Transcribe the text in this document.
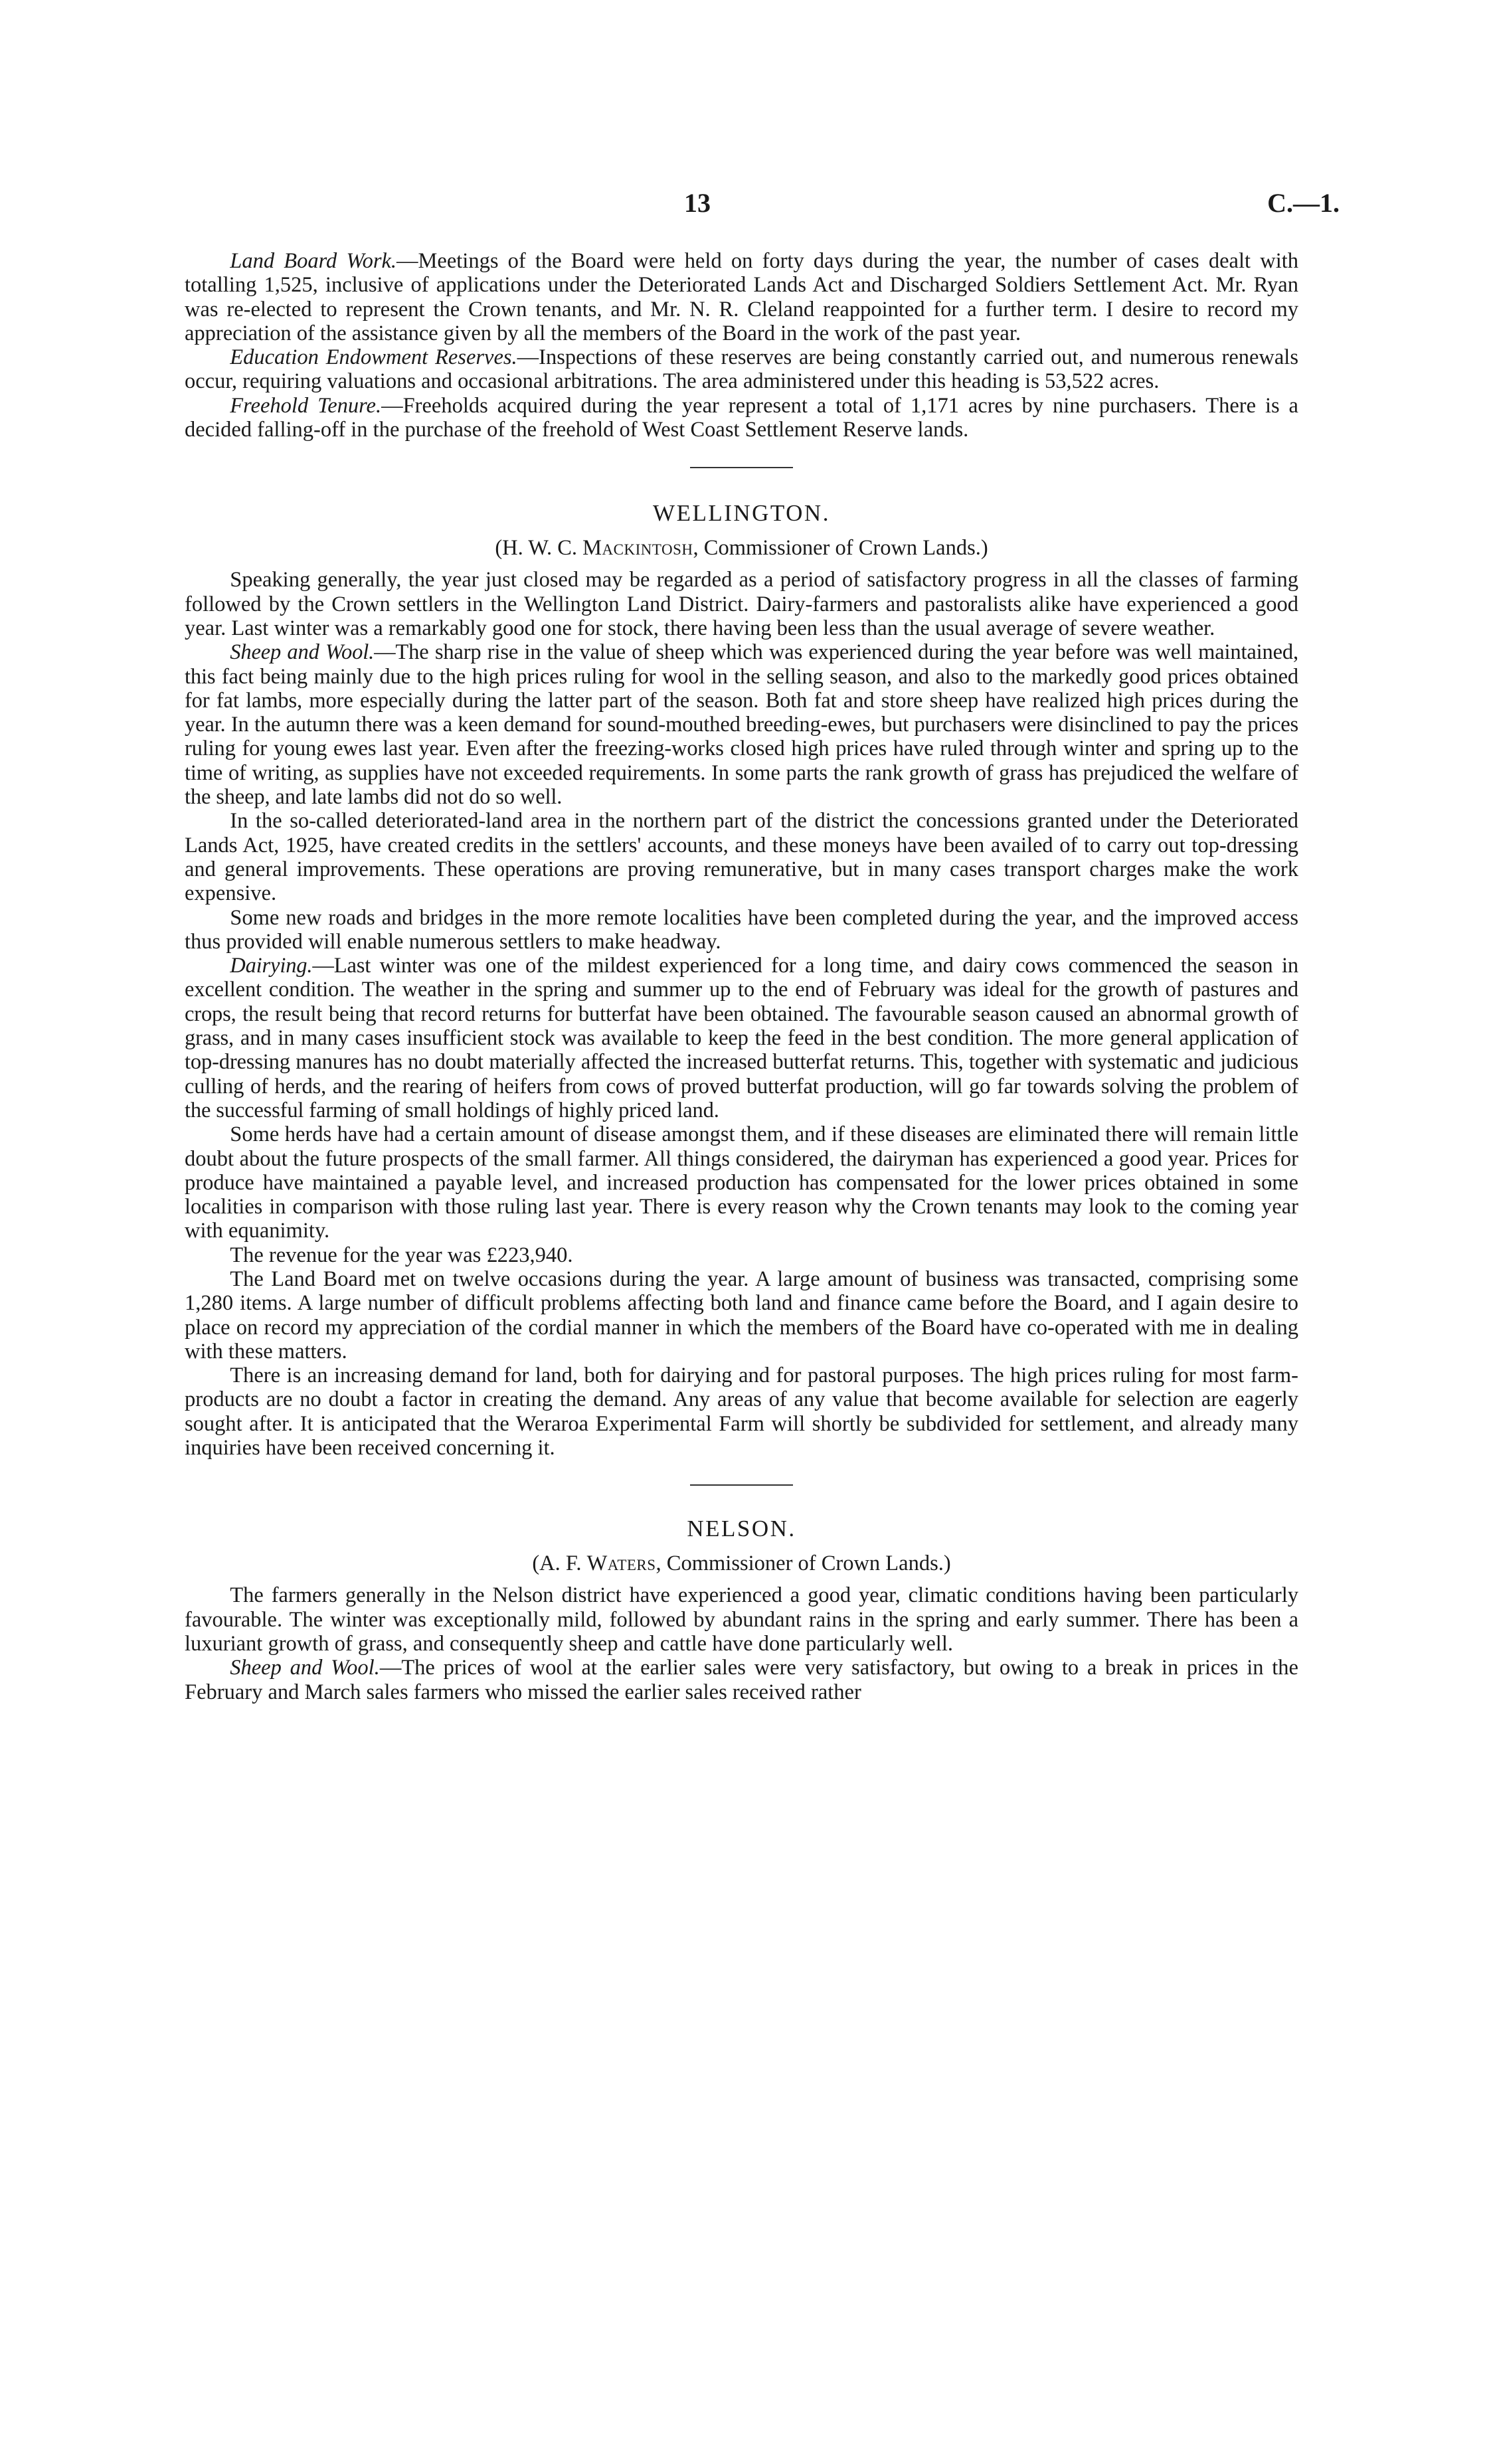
13	C.—1.

Land Board Work.—Meetings of the Board were held on forty days during the year, the number of cases dealt with totalling 1,525, inclusive of applications under the Deteriorated Lands Act and Discharged Soldiers Settlement Act. Mr. Ryan was re-elected to represent the Crown tenants, and Mr. N. R. Cleland reappointed for a further term. I desire to record my appreciation of the assistance given by all the members of the Board in the work of the past year.

Education Endowment Reserves.—Inspections of these reserves are being constantly carried out, and numerous renewals occur, requiring valuations and occasional arbitrations. The area administered under this heading is 53,522 acres.

Freehold Tenure.—Freeholds acquired during the year represent a total of 1,171 acres by nine purchasers. There is a decided falling-off in the purchase of the freehold of West Coast Settlement Reserve lands.

WELLINGTON.
(H. W. C. Mackintosh, Commissioner of Crown Lands.)

Speaking generally, the year just closed may be regarded as a period of satisfactory progress in all the classes of farming followed by the Crown settlers in the Wellington Land District. Dairy-farmers and pastoralists alike have experienced a good year. Last winter was a remarkably good one for stock, there having been less than the usual average of severe weather.

Sheep and Wool.—The sharp rise in the value of sheep which was experienced during the year before was well maintained, this fact being mainly due to the high prices ruling for wool in the selling season, and also to the markedly good prices obtained for fat lambs, more especially during the latter part of the season. Both fat and store sheep have realized high prices during the year. In the autumn there was a keen demand for sound-mouthed breeding-ewes, but purchasers were disinclined to pay the prices ruling for young ewes last year. Even after the freezing-works closed high prices have ruled through winter and spring up to the time of writing, as supplies have not exceeded requirements. In some parts the rank growth of grass has prejudiced the welfare of the sheep, and late lambs did not do so well.

In the so-called deteriorated-land area in the northern part of the district the concessions granted under the Deteriorated Lands Act, 1925, have created credits in the settlers' accounts, and these moneys have been availed of to carry out top-dressing and general improvements. These operations are proving remunerative, but in many cases transport charges make the work expensive.

Some new roads and bridges in the more remote localities have been completed during the year, and the improved access thus provided will enable numerous settlers to make headway.

Dairying.—Last winter was one of the mildest experienced for a long time, and dairy cows commenced the season in excellent condition. The weather in the spring and summer up to the end of February was ideal for the growth of pastures and crops, the result being that record returns for butterfat have been obtained. The favourable season caused an abnormal growth of grass, and in many cases insufficient stock was available to keep the feed in the best condition. The more general application of top-dressing manures has no doubt materially affected the increased butterfat returns. This, together with systematic and judicious culling of herds, and the rearing of heifers from cows of proved butterfat production, will go far towards solving the problem of the successful farming of small holdings of highly priced land.

Some herds have had a certain amount of disease amongst them, and if these diseases are eliminated there will remain little doubt about the future prospects of the small farmer. All things considered, the dairyman has experienced a good year. Prices for produce have maintained a payable level, and increased production has compensated for the lower prices obtained in some localities in comparison with those ruling last year. There is every reason why the Crown tenants may look to the coming year with equanimity.

The revenue for the year was £223,940.

The Land Board met on twelve occasions during the year. A large amount of business was transacted, comprising some 1,280 items. A large number of difficult problems affecting both land and finance came before the Board, and I again desire to place on record my appreciation of the cordial manner in which the members of the Board have co-operated with me in dealing with these matters.

There is an increasing demand for land, both for dairying and for pastoral purposes. The high prices ruling for most farm-products are no doubt a factor in creating the demand. Any areas of any value that become available for selection are eagerly sought after. It is anticipated that the Weraroa Experimental Farm will shortly be subdivided for settlement, and already many inquiries have been received concerning it.

NELSON.
(A. F. Waters, Commissioner of Crown Lands.)

The farmers generally in the Nelson district have experienced a good year, climatic conditions having been particularly favourable. The winter was exceptionally mild, followed by abundant rains in the spring and early summer. There has been a luxuriant growth of grass, and consequently sheep and cattle have done particularly well.

Sheep and Wool.—The prices of wool at the earlier sales were very satisfactory, but owing to a break in prices in the February and March sales farmers who missed the earlier sales received rather
